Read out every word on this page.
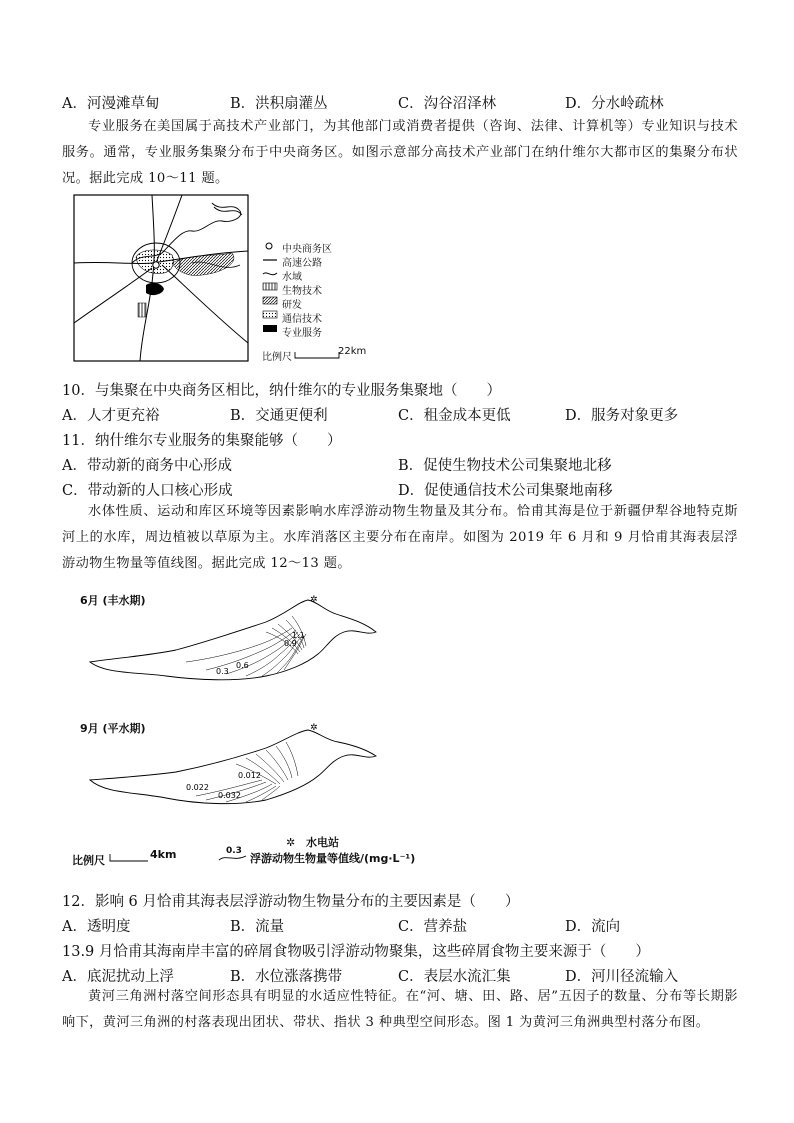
A．河漫滩草甸	B．洪积扇灌丛	C．沟谷沼泽林	D．分水岭疏林
专业服务在美国属于高技术产业部门，为其他部门或消费者提供（咨询、法律、计算机等）专业知识与技术服务。通常，专业服务集聚分布于中央商务区。如图示意部分高技术产业部门在纳什维尔大都市区的集聚分布状况。据此完成 10～11 题。
中央商务区
高速公路
水域
生物技术
研发
通信技术
专业服务
比例尺
22km
10．与集聚在中央商务区相比，纳什维尔的专业服务集聚地（　　）
A．人才更充裕	B．交通更便利	C．租金成本更低	D．服务对象更多
11．纳什维尔专业服务的集聚能够（　　）
A．带动新的商务中心形成	B．促使生物技术公司集聚地北移
C．带动新的人口核心形成	D．促使通信技术公司集聚地南移
水体性质、运动和库区环境等因素影响水库浮游动物生物量及其分布。恰甫其海是位于新疆伊犁谷地特克斯河上的水库，周边植被以草原为主。水库消落区主要分布在南岸。如图为 2019 年 6 月和 9 月恰甫其海表层浮游动物生物量等值线图。据此完成 12～13 题。
6月 (丰水期)	✲
0.3
0.6
0.9
1.1
9月 (平水期)	✲
0.012
0.022
0.032
✲ 水电站
比例尺	4km	0.3
浮游动物生物量等值线/(mg·L⁻¹)
12．影响 6 月恰甫其海表层浮游动物生物量分布的主要因素是（　　）
A．透明度	B．流量	C．营养盐	D．流向
13.9 月恰甫其海南岸丰富的碎屑食物吸引浮游动物聚集，这些碎屑食物主要来源于（　　）
A．底泥扰动上浮	B．水位涨落携带	C．表层水流汇集	D．河川径流输入
黄河三角洲村落空间形态具有明显的水适应性特征。在“河、塘、田、路、居”五因子的数量、分布等长期影响下，黄河三角洲的村落表现出团状、带状、指状 3 种典型空间形态。图 1 为黄河三角洲典型村落分布图。
